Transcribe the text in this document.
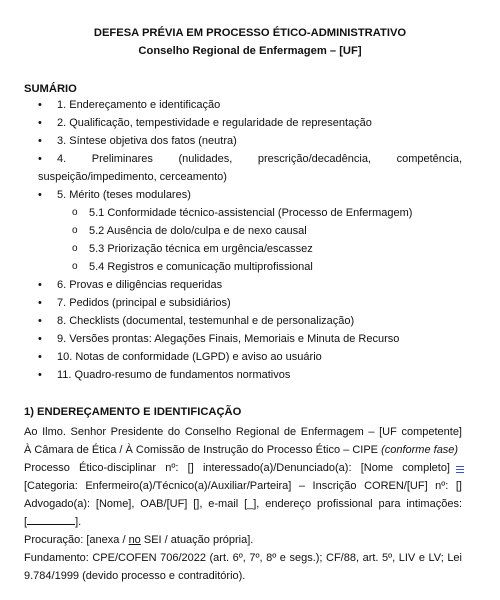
DEFESA PRÉVIA EM PROCESSO ÉTICO-ADMINISTRATIVO
Conselho Regional de Enfermagem – [UF]
SUMÁRIO
• 1. Endereçamento e identificação
• 2. Qualificação, tempestividade e regularidade de representação
• 3. Síntese objetiva dos fatos (neutra)
• 4. Preliminares (nulidades, prescrição/decadência, competência,
suspeição/impedimento, cerceamento)
• 5. Mérito (teses modulares)
o 5.1 Conformidade técnico-assistencial (Processo de Enfermagem)
o 5.2 Ausência de dolo/culpa e de nexo causal
o 5.3 Priorização técnica em urgência/escassez
o 5.4 Registros e comunicação multiprofissional
• 6. Provas e diligências requeridas
• 7. Pedidos (principal e subsidiários)
• 8. Checklists (documental, testemunhal e de personalização)
• 9. Versões prontas: Alegações Finais, Memoriais e Minuta de Recurso
• 10. Notas de conformidade (LGPD) e aviso ao usuário
• 11. Quadro-resumo de fundamentos normativos
1) ENDEREÇAMENTO E IDENTIFICAÇÃO
Ao Ilmo. Senhor Presidente do Conselho Regional de Enfermagem – [UF competente]
À Câmara de Ética / À Comissão de Instrução do Processo Ético – CIPE (conforme fase)
Processo Ético-disciplinar nº: [] interessado(a)/Denunciado(a): [Nome completo]
[Categoria: Enfermeiro(a)/Técnico(a)/Auxiliar/Parteira] – Inscrição COREN/[UF] nº: []
Advogado(a): [Nome], OAB/[UF] [], e-mail [_], endereço profissional para intimações:
[	].
Procuração: [anexa / no SEI / atuação própria].
Fundamento: CPE/COFEN 706/2022 (art. 6º, 7º, 8º e segs.); CF/88, art. 5º, LIV e LV; Lei
9.784/1999 (devido processo e contraditório).
